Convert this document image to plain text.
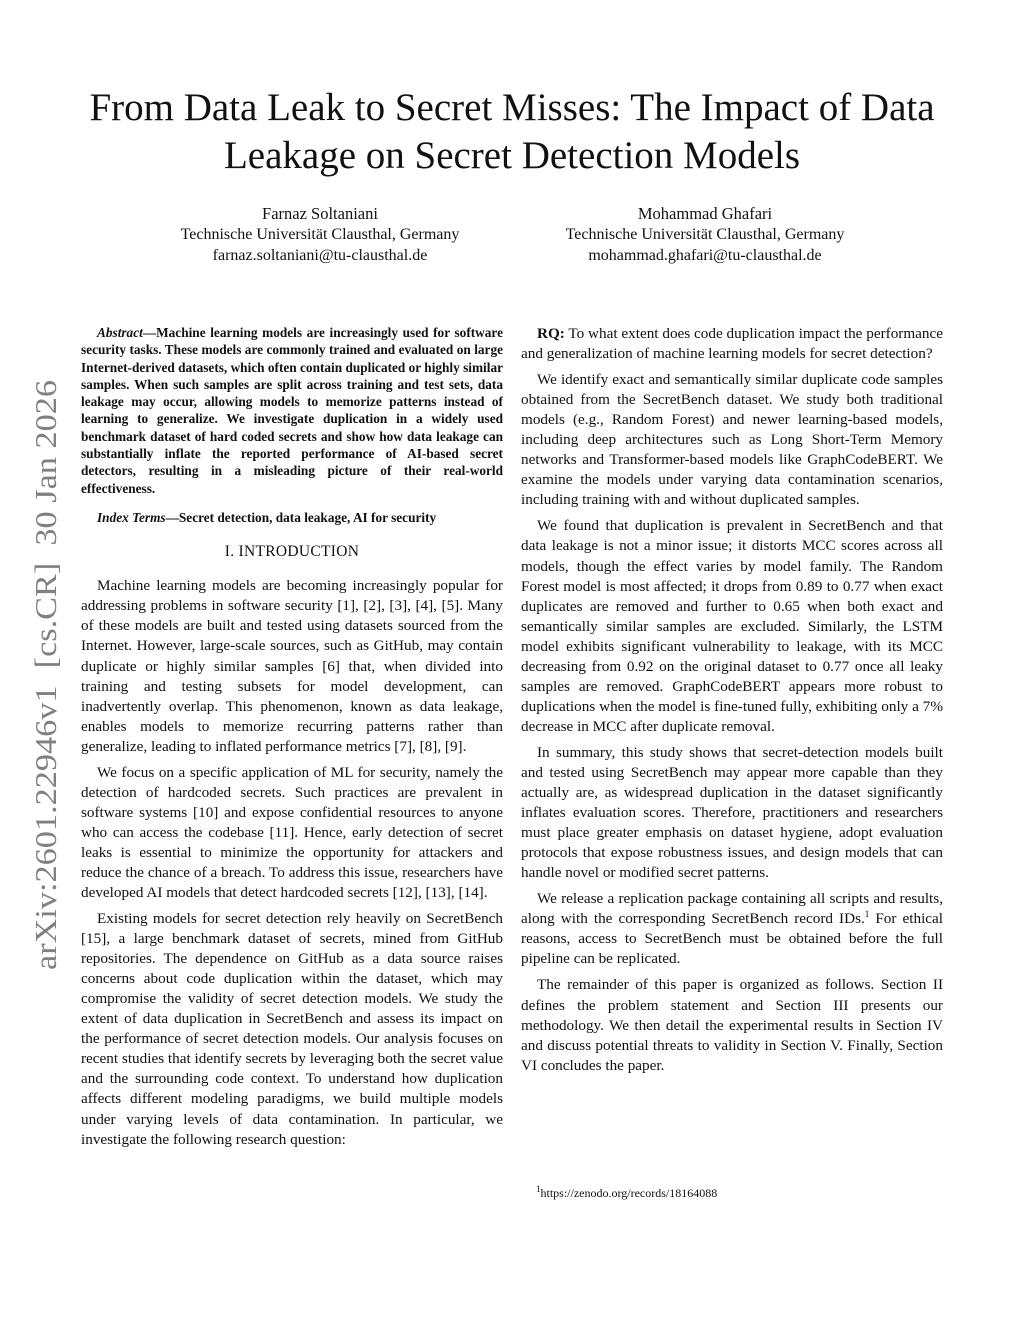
arXiv:2601.22946v1  [cs.CR]  30 Jan 2026
From Data Leak to Secret Misses: The Impact of Data Leakage on Secret Detection Models
Farnaz Soltaniani
Technische Universität Clausthal, Germany
farnaz.soltaniani@tu-clausthal.de
Mohammad Ghafari
Technische Universität Clausthal, Germany
mohammad.ghafari@tu-clausthal.de

Abstract—Machine learning models are increasingly used for software security tasks. These models are commonly trained and evaluated on large Internet-derived datasets, which often contain duplicated or highly similar samples. When such samples are split across training and test sets, data leakage may occur, allowing models to memorize patterns instead of learning to generalize. We investigate duplication in a widely used benchmark dataset of hard coded secrets and show how data leakage can substantially inflate the reported performance of AI-based secret detectors, resulting in a misleading picture of their real-world effectiveness.

Index Terms—Secret detection, data leakage, AI for security

I. INTRODUCTION

Machine learning models are becoming increasingly popular for addressing problems in software security [1], [2], [3], [4], [5]. Many of these models are built and tested using datasets sourced from the Internet. However, large-scale sources, such as GitHub, may contain duplicate or highly similar samples [6] that, when divided into training and testing subsets for model development, can inadvertently overlap. This phenomenon, known as data leakage, enables models to memorize recurring patterns rather than generalize, leading to inflated performance metrics [7], [8], [9].

We focus on a specific application of ML for security, namely the detection of hardcoded secrets. Such practices are prevalent in software systems [10] and expose confidential resources to anyone who can access the codebase [11]. Hence, early detection of secret leaks is essential to minimize the opportunity for attackers and reduce the chance of a breach. To address this issue, researchers have developed AI models that detect hardcoded secrets [12], [13], [14].

Existing models for secret detection rely heavily on SecretBench [15], a large benchmark dataset of secrets, mined from GitHub repositories. The dependence on GitHub as a data source raises concerns about code duplication within the dataset, which may compromise the validity of secret detection models. We study the extent of data duplication in SecretBench and assess its impact on the performance of secret detection models. Our analysis focuses on recent studies that identify secrets by leveraging both the secret value and the surrounding code context. To understand how duplication affects different modeling paradigms, we build multiple models under varying levels of data contamination. In particular, we investigate the following research question:

RQ: To what extent does code duplication impact the performance and generalization of machine learning models for secret detection?

We identify exact and semantically similar duplicate code samples obtained from the SecretBench dataset. We study both traditional models (e.g., Random Forest) and newer learning-based models, including deep architectures such as Long Short-Term Memory networks and Transformer-based models like GraphCodeBERT. We examine the models under varying data contamination scenarios, including training with and without duplicated samples.

We found that duplication is prevalent in SecretBench and that data leakage is not a minor issue; it distorts MCC scores across all models, though the effect varies by model family. The Random Forest model is most affected; it drops from 0.89 to 0.77 when exact duplicates are removed and further to 0.65 when both exact and semantically similar samples are excluded. Similarly, the LSTM model exhibits significant vulnerability to leakage, with its MCC decreasing from 0.92 on the original dataset to 0.77 once all leaky samples are removed. GraphCodeBERT appears more robust to duplications when the model is fine-tuned fully, exhibiting only a 7% decrease in MCC after duplicate removal.

In summary, this study shows that secret-detection models built and tested using SecretBench may appear more capable than they actually are, as widespread duplication in the dataset significantly inflates evaluation scores. Therefore, practitioners and researchers must place greater emphasis on dataset hygiene, adopt evaluation protocols that expose robustness issues, and design models that can handle novel or modified secret patterns.

We release a replication package containing all scripts and results, along with the corresponding SecretBench record IDs.$^1$ For ethical reasons, access to SecretBench must be obtained before the full pipeline can be replicated.

The remainder of this paper is organized as follows. Section II defines the problem statement and Section III presents our methodology. We then detail the experimental results in Section IV and discuss potential threats to validity in Section V. Finally, Section VI concludes the paper.

$^1$https://zenodo.org/records/18164088
